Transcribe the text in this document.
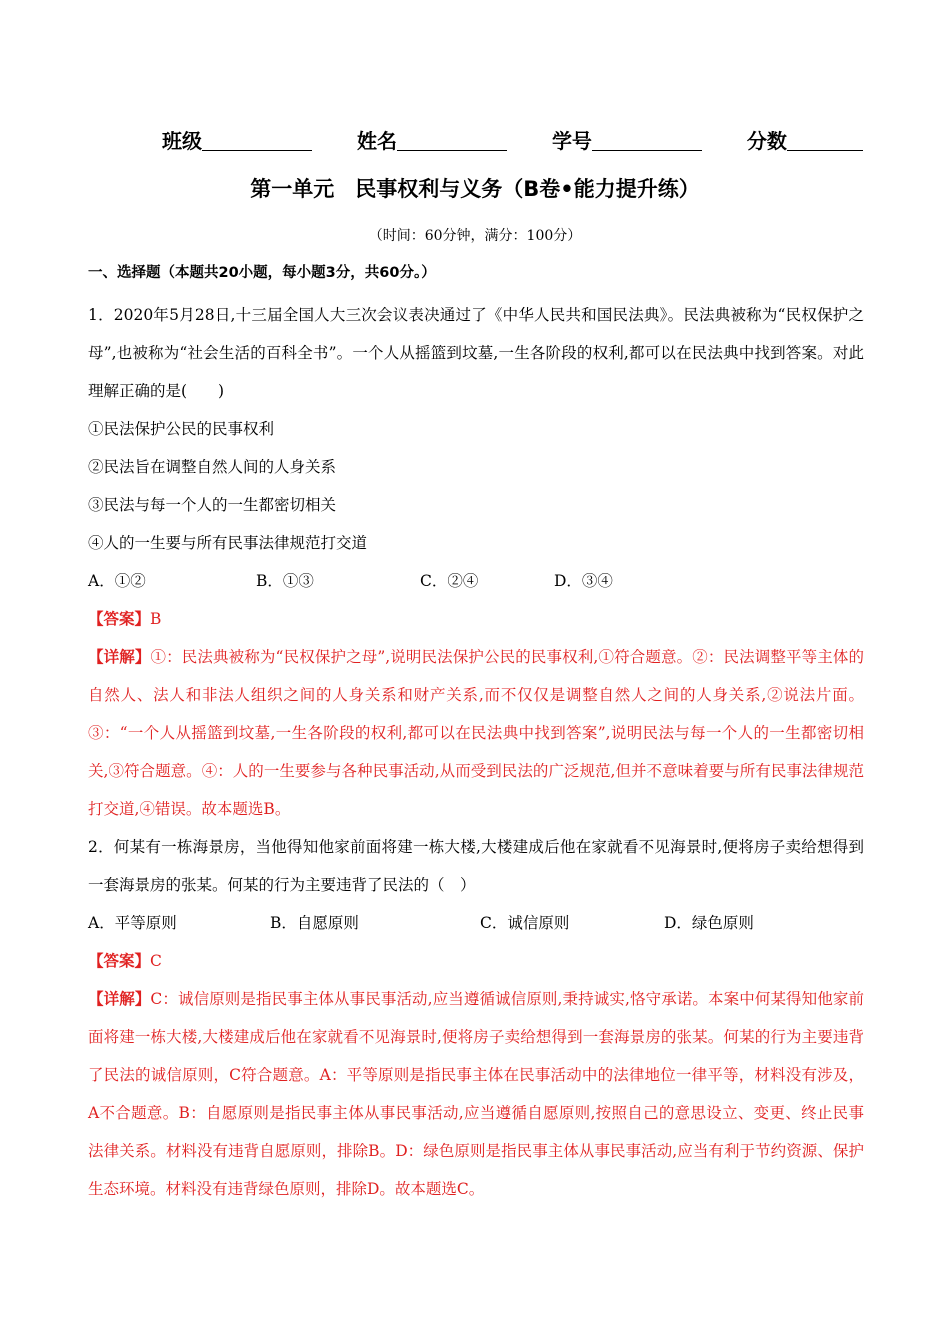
班级	姓名	学号	分数
第一单元　民事权利与义务（B卷•能力提升练）
（时间：60分钟，满分：100分）
一、选择题（本题共20小题，每小题3分，共60分。）
1．2020年5月28日,十三届全国人大三次会议表决通过了《中华人民共和国民法典》。民法典被称为“民权保护之母”,也被称为“社会生活的百科全书”。一个人从摇篮到坟墓,一生各阶段的权利,都可以在民法典中找到答案。对此理解正确的是(　　)
①民法保护公民的民事权利
②民法旨在调整自然人间的人身关系
③民法与每一个人的一生都密切相关
④人的一生要与所有民事法律规范打交道
A．①②	B．①③	C．②④	D．③④
【答案】B
【详解】①：民法典被称为“民权保护之母”,说明民法保护公民的民事权利,①符合题意。②：民法调整平等主体的自然人、法人和非法人组织之间的人身关系和财产关系,而不仅仅是调整自然人之间的人身关系,②说法片面。③：“一个人从摇篮到坟墓,一生各阶段的权利,都可以在民法典中找到答案”,说明民法与每一个人的一生都密切相关,③符合题意。④：人的一生要参与各种民事活动,从而受到民法的广泛规范,但并不意味着要与所有民事法律规范打交道,④错误。故本题选B。
2．何某有一栋海景房，当他得知他家前面将建一栋大楼,大楼建成后他在家就看不见海景时,便将房子卖给想得到一套海景房的张某。何某的行为主要违背了民法的（　）
A．平等原则	B．自愿原则	C．诚信原则	D．绿色原则
【答案】C
【详解】C：诚信原则是指民事主体从事民事活动,应当遵循诚信原则,秉持诚实,恪守承诺。本案中何某得知他家前面将建一栋大楼,大楼建成后他在家就看不见海景时,便将房子卖给想得到一套海景房的张某。何某的行为主要违背了民法的诚信原则，C符合题意。A：平等原则是指民事主体在民事活动中的法律地位一律平等，材料没有涉及，A不合题意。B：自愿原则是指民事主体从事民事活动,应当遵循自愿原则,按照自己的意思设立、变更、终止民事法律关系。材料没有违背自愿原则，排除B。D：绿色原则是指民事主体从事民事活动,应当有利于节约资源、保护生态环境。材料没有违背绿色原则，排除D。故本题选C。
